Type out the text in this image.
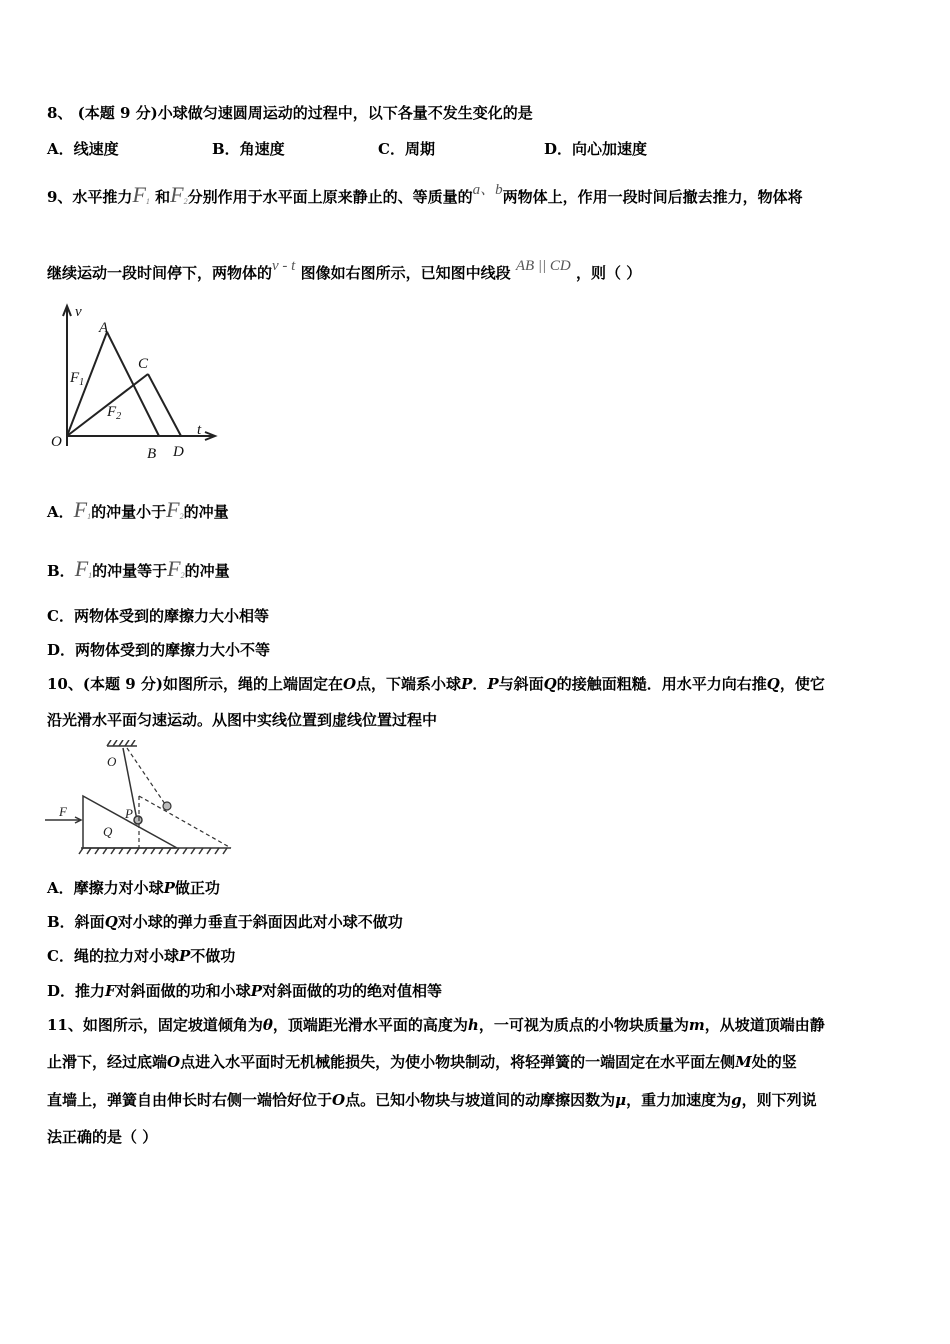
8、 (本题 9 分)小球做匀速圆周运动的过程中，以下各量不发生变化的是
A．线速度	B．角速度	C．周期	D．向心加速度
9、水平推力$F_1$ 和$F_2$分别作用于水平面上原来静止的、等质量的a、b两物体上，作用一段时间后撤去推力，物体将
继续运动一段时间停下，两物体的v - t 图像如右图所示，已知图中线段 AB || CD ，则（ ）
v
t
O
A
B
C
D
$F_1$
$F_2$
A．$F_1$的冲量小于$F_2$的冲量
B．$F_1$的冲量等于$F_2$的冲量
C．两物体受到的摩擦力大小相等
D．两物体受到的摩擦力大小不等
10、(本题 9 分)如图所示，绳的上端固定在O点，下端系小球P．P与斜面Q的接触面粗糙．用水平力向右推Q，使它
沿光滑水平面匀速运动。从图中实线位置到虚线位置过程中
O
F	P
Q
A．摩擦力对小球P做正功
B．斜面Q对小球的弹力垂直于斜面因此对小球不做功
C．绳的拉力对小球P不做功
D．推力F对斜面做的功和小球P对斜面做的功的绝对值相等
11、如图所示，固定坡道倾角为θ，顶端距光滑水平面的高度为h，一可视为质点的小物块质量为m，从坡道顶端由静
止滑下，经过底端O点进入水平面时无机械能损失，为使小物块制动，将轻弹簧的一端固定在水平面左侧M处的竖
直墙上，弹簧自由伸长时右侧一端恰好位于O点。已知小物块与坡道间的动摩擦因数为μ，重力加速度为g，则下列说
法正确的是（ ）
